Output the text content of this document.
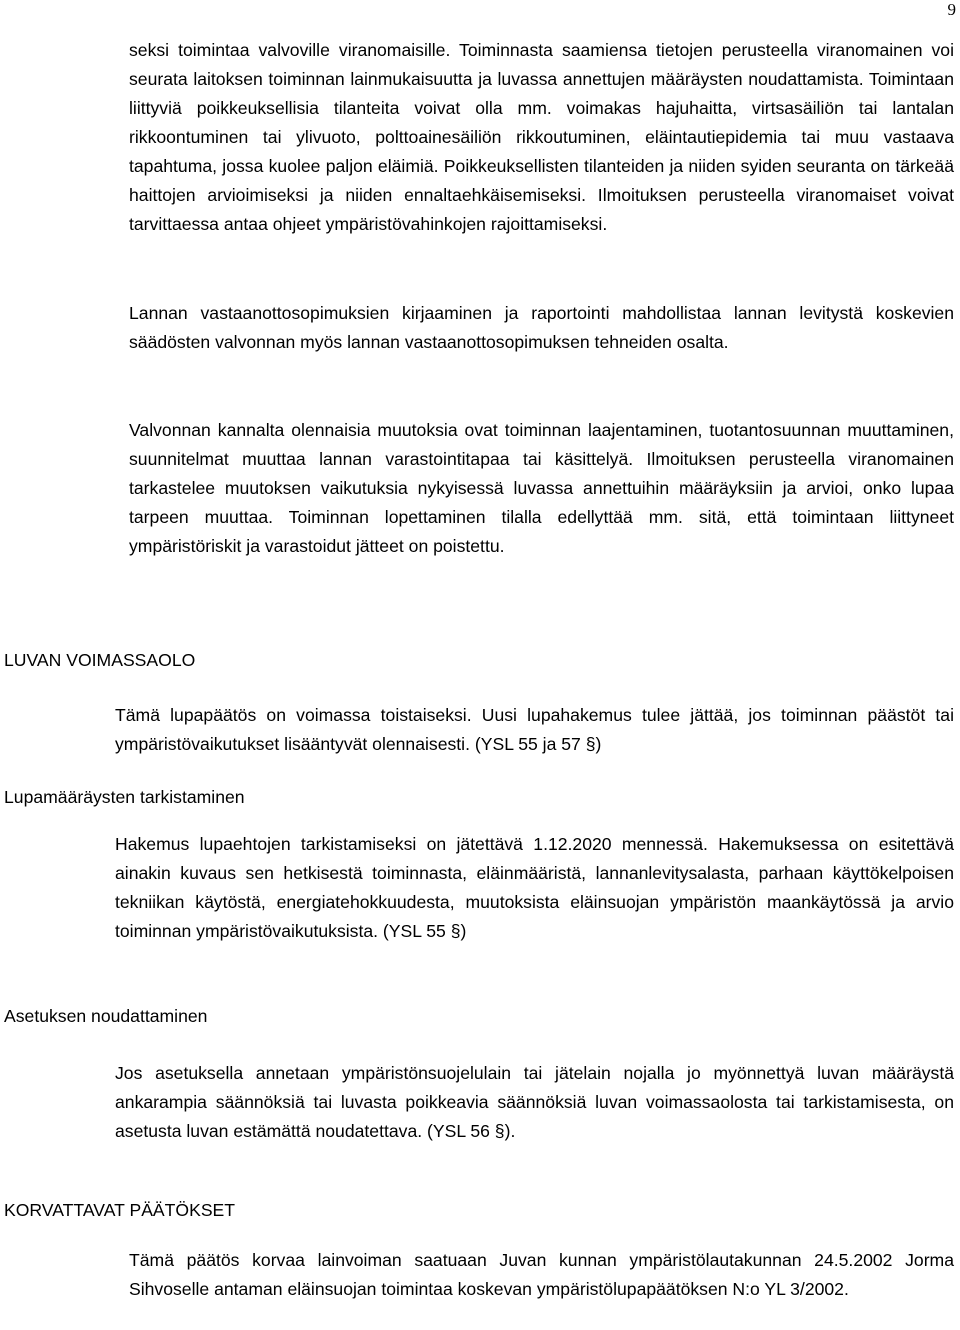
9

seksi toimintaa valvoville viranomaisille. Toiminnasta saamiensa tietojen perusteella viranomainen voi seurata laitoksen toiminnan lainmukaisuutta ja luvassa annettujen määräysten noudattamista. Toimintaan liittyviä poikkeuksellisia tilanteita voivat olla mm. voimakas hajuhaitta, virtsasäiliön tai lantalan rikkoontuminen tai ylivuoto, polttoainesäiliön rikkoutuminen, eläintautiepidemia tai muu vastaava tapahtuma, jossa kuolee paljon eläimiä. Poikkeuksellisten tilanteiden ja niiden syiden seuranta on tärkeää haittojen arvioimiseksi ja niiden ennaltaehkäisemiseksi. Ilmoituksen perusteella viranomaiset voivat tarvittaessa antaa ohjeet ympäristövahinkojen rajoittamiseksi.

Lannan vastaanottosopimuksien kirjaaminen ja raportointi mahdollistaa lannan levitystä koskevien säädösten valvonnan myös lannan vastaanottosopimuksen tehneiden osalta.

Valvonnan kannalta olennaisia muutoksia ovat toiminnan laajentaminen, tuotantosuunnan muuttaminen, suunnitelmat muuttaa lannan varastointitapaa tai käsittelyä. Ilmoituksen perusteella viranomainen tarkastelee muutoksen vaikutuksia nykyisessä luvassa annettuihin määräyksiin ja arvioi, onko lupaa tarpeen muuttaa. Toiminnan lopettaminen tilalla edellyttää mm. sitä, että toimintaan liittyneet ympäristöriskit ja varastoidut jätteet on poistettu.

LUVAN VOIMASSAOLO

Tämä lupapäätös on voimassa toistaiseksi. Uusi lupahakemus tulee jättää, jos toiminnan päästöt tai ympäristövaikutukset lisääntyvät olennaisesti. (YSL 55 ja 57 §)

Lupamääräysten tarkistaminen

Hakemus lupaehtojen tarkistamiseksi on jätettävä 1.12.2020 mennessä. Hakemuksessa on esitettävä ainakin kuvaus sen hetkisestä toiminnasta, eläinmääristä, lannanlevitysalasta, parhaan käyttökelpoisen tekniikan käytöstä, energiatehokkuudesta, muutoksista eläinsuojan ympäristön maankäytössä ja arvio toiminnan ympäristövaikutuksista. (YSL 55 §)

Asetuksen noudattaminen

Jos asetuksella annetaan ympäristönsuojelulain tai jätelain nojalla jo myönnettyä luvan määräystä ankarampia säännöksiä tai luvasta poikkeavia säännöksiä luvan voimassaolosta tai tarkistamisesta, on asetusta luvan estämättä noudatettava. (YSL 56 §).

KORVATTAVAT PÄÄTÖKSET

Tämä päätös korvaa lainvoiman saatuaan Juvan kunnan ympäristölautakunnan 24.5.2002 Jorma Sihvoselle antaman eläinsuojan toimintaa koskevan ympäristölupapäätöksen N:o YL 3/2002.
